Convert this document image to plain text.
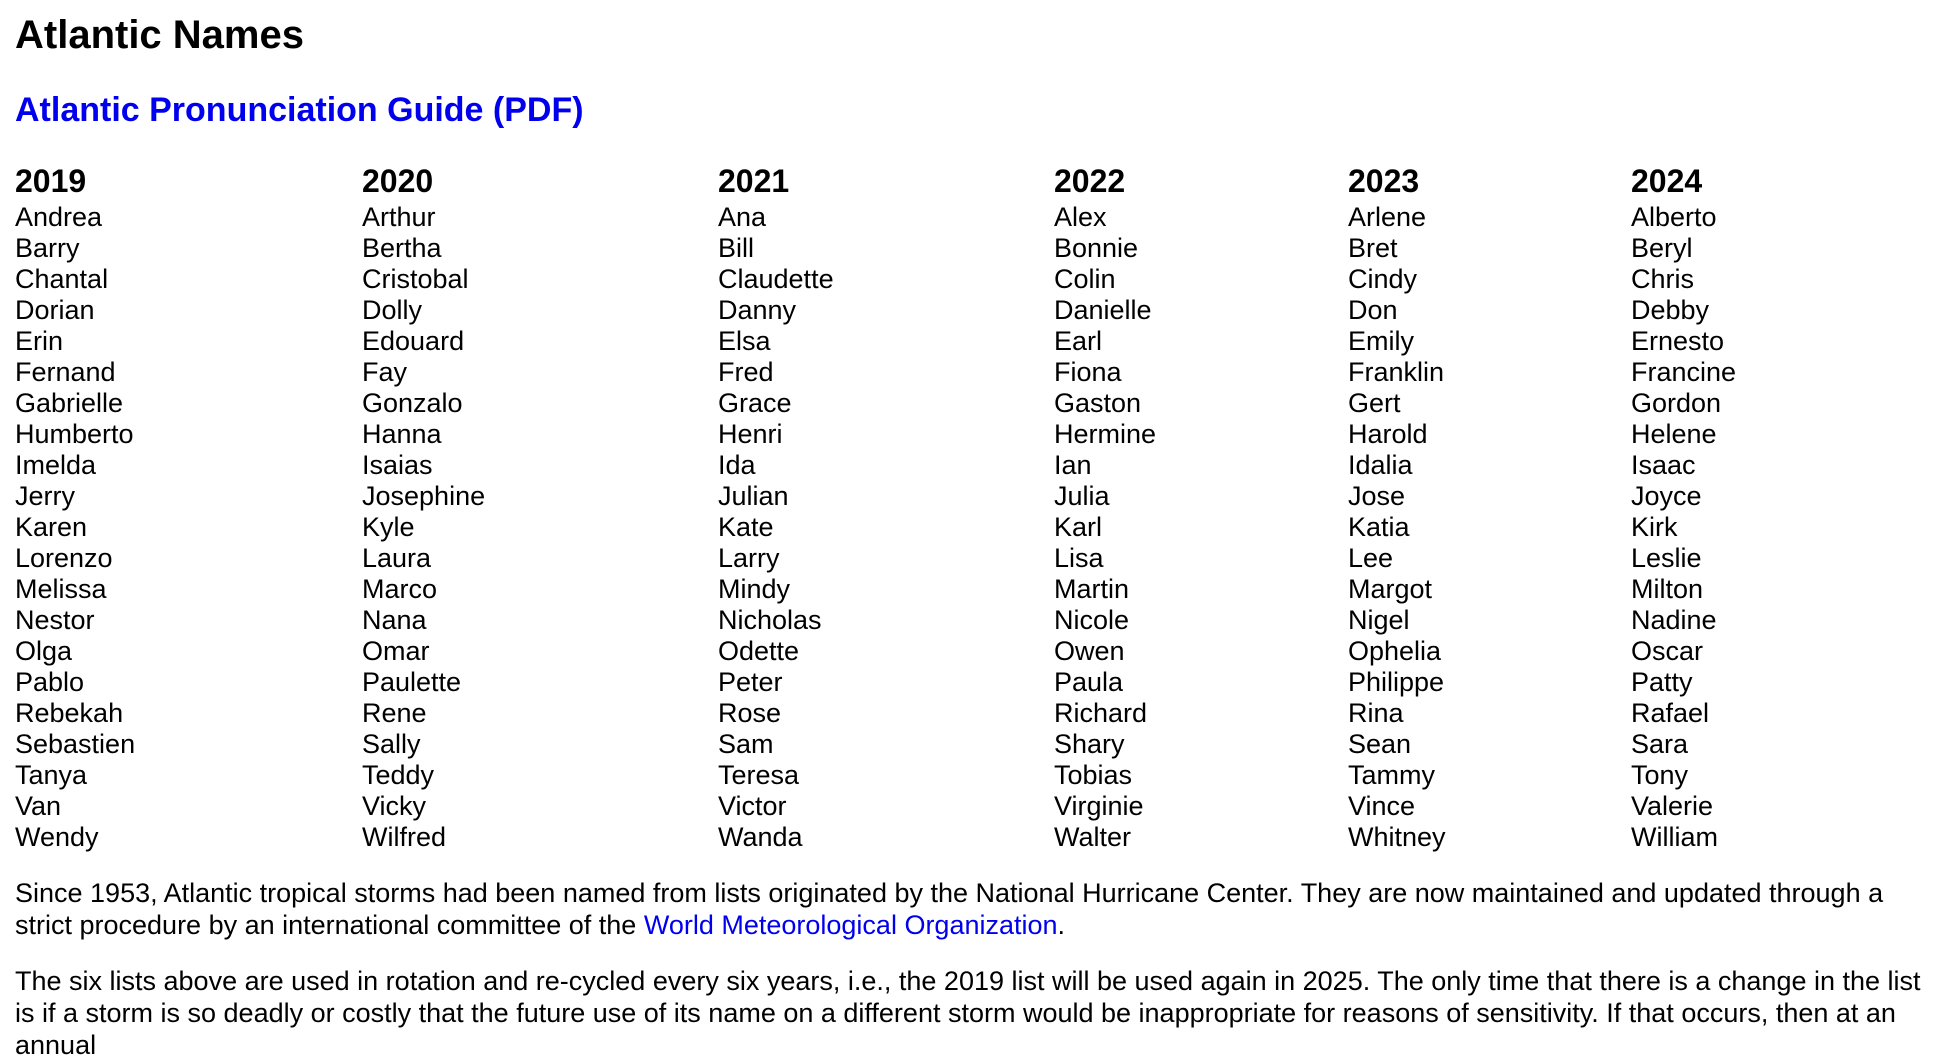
Atlantic Names
Atlantic Pronunciation Guide (PDF)
2019
Andrea
Barry
Chantal
Dorian
Erin
Fernand
Gabrielle
Humberto
Imelda
Jerry
Karen
Lorenzo
Melissa
Nestor
Olga
Pablo
Rebekah
Sebastien
Tanya
Van
Wendy
2020
Arthur
Bertha
Cristobal
Dolly
Edouard
Fay
Gonzalo
Hanna
Isaias
Josephine
Kyle
Laura
Marco
Nana
Omar
Paulette
Rene
Sally
Teddy
Vicky
Wilfred
2021
Ana
Bill
Claudette
Danny
Elsa
Fred
Grace
Henri
Ida
Julian
Kate
Larry
Mindy
Nicholas
Odette
Peter
Rose
Sam
Teresa
Victor
Wanda
2022
Alex
Bonnie
Colin
Danielle
Earl
Fiona
Gaston
Hermine
Ian
Julia
Karl
Lisa
Martin
Nicole
Owen
Paula
Richard
Shary
Tobias
Virginie
Walter
2023
Arlene
Bret
Cindy
Don
Emily
Franklin
Gert
Harold
Idalia
Jose
Katia
Lee
Margot
Nigel
Ophelia
Philippe
Rina
Sean
Tammy
Vince
Whitney
2024
Alberto
Beryl
Chris
Debby
Ernesto
Francine
Gordon
Helene
Isaac
Joyce
Kirk
Leslie
Milton
Nadine
Oscar
Patty
Rafael
Sara
Tony
Valerie
William

Since 1953, Atlantic tropical storms had been named from lists originated by the National Hurricane Center. They are now maintained and updated through a strict procedure by an international committee of the World Meteorological Organization.

The six lists above are used in rotation and re-cycled every six years, i.e., the 2019 list will be used again in 2025. The only time that there is a change in the list is if a storm is so deadly or costly that the future use of its name on a different storm would be inappropriate for reasons of sensitivity. If that occurs, then at an annual
